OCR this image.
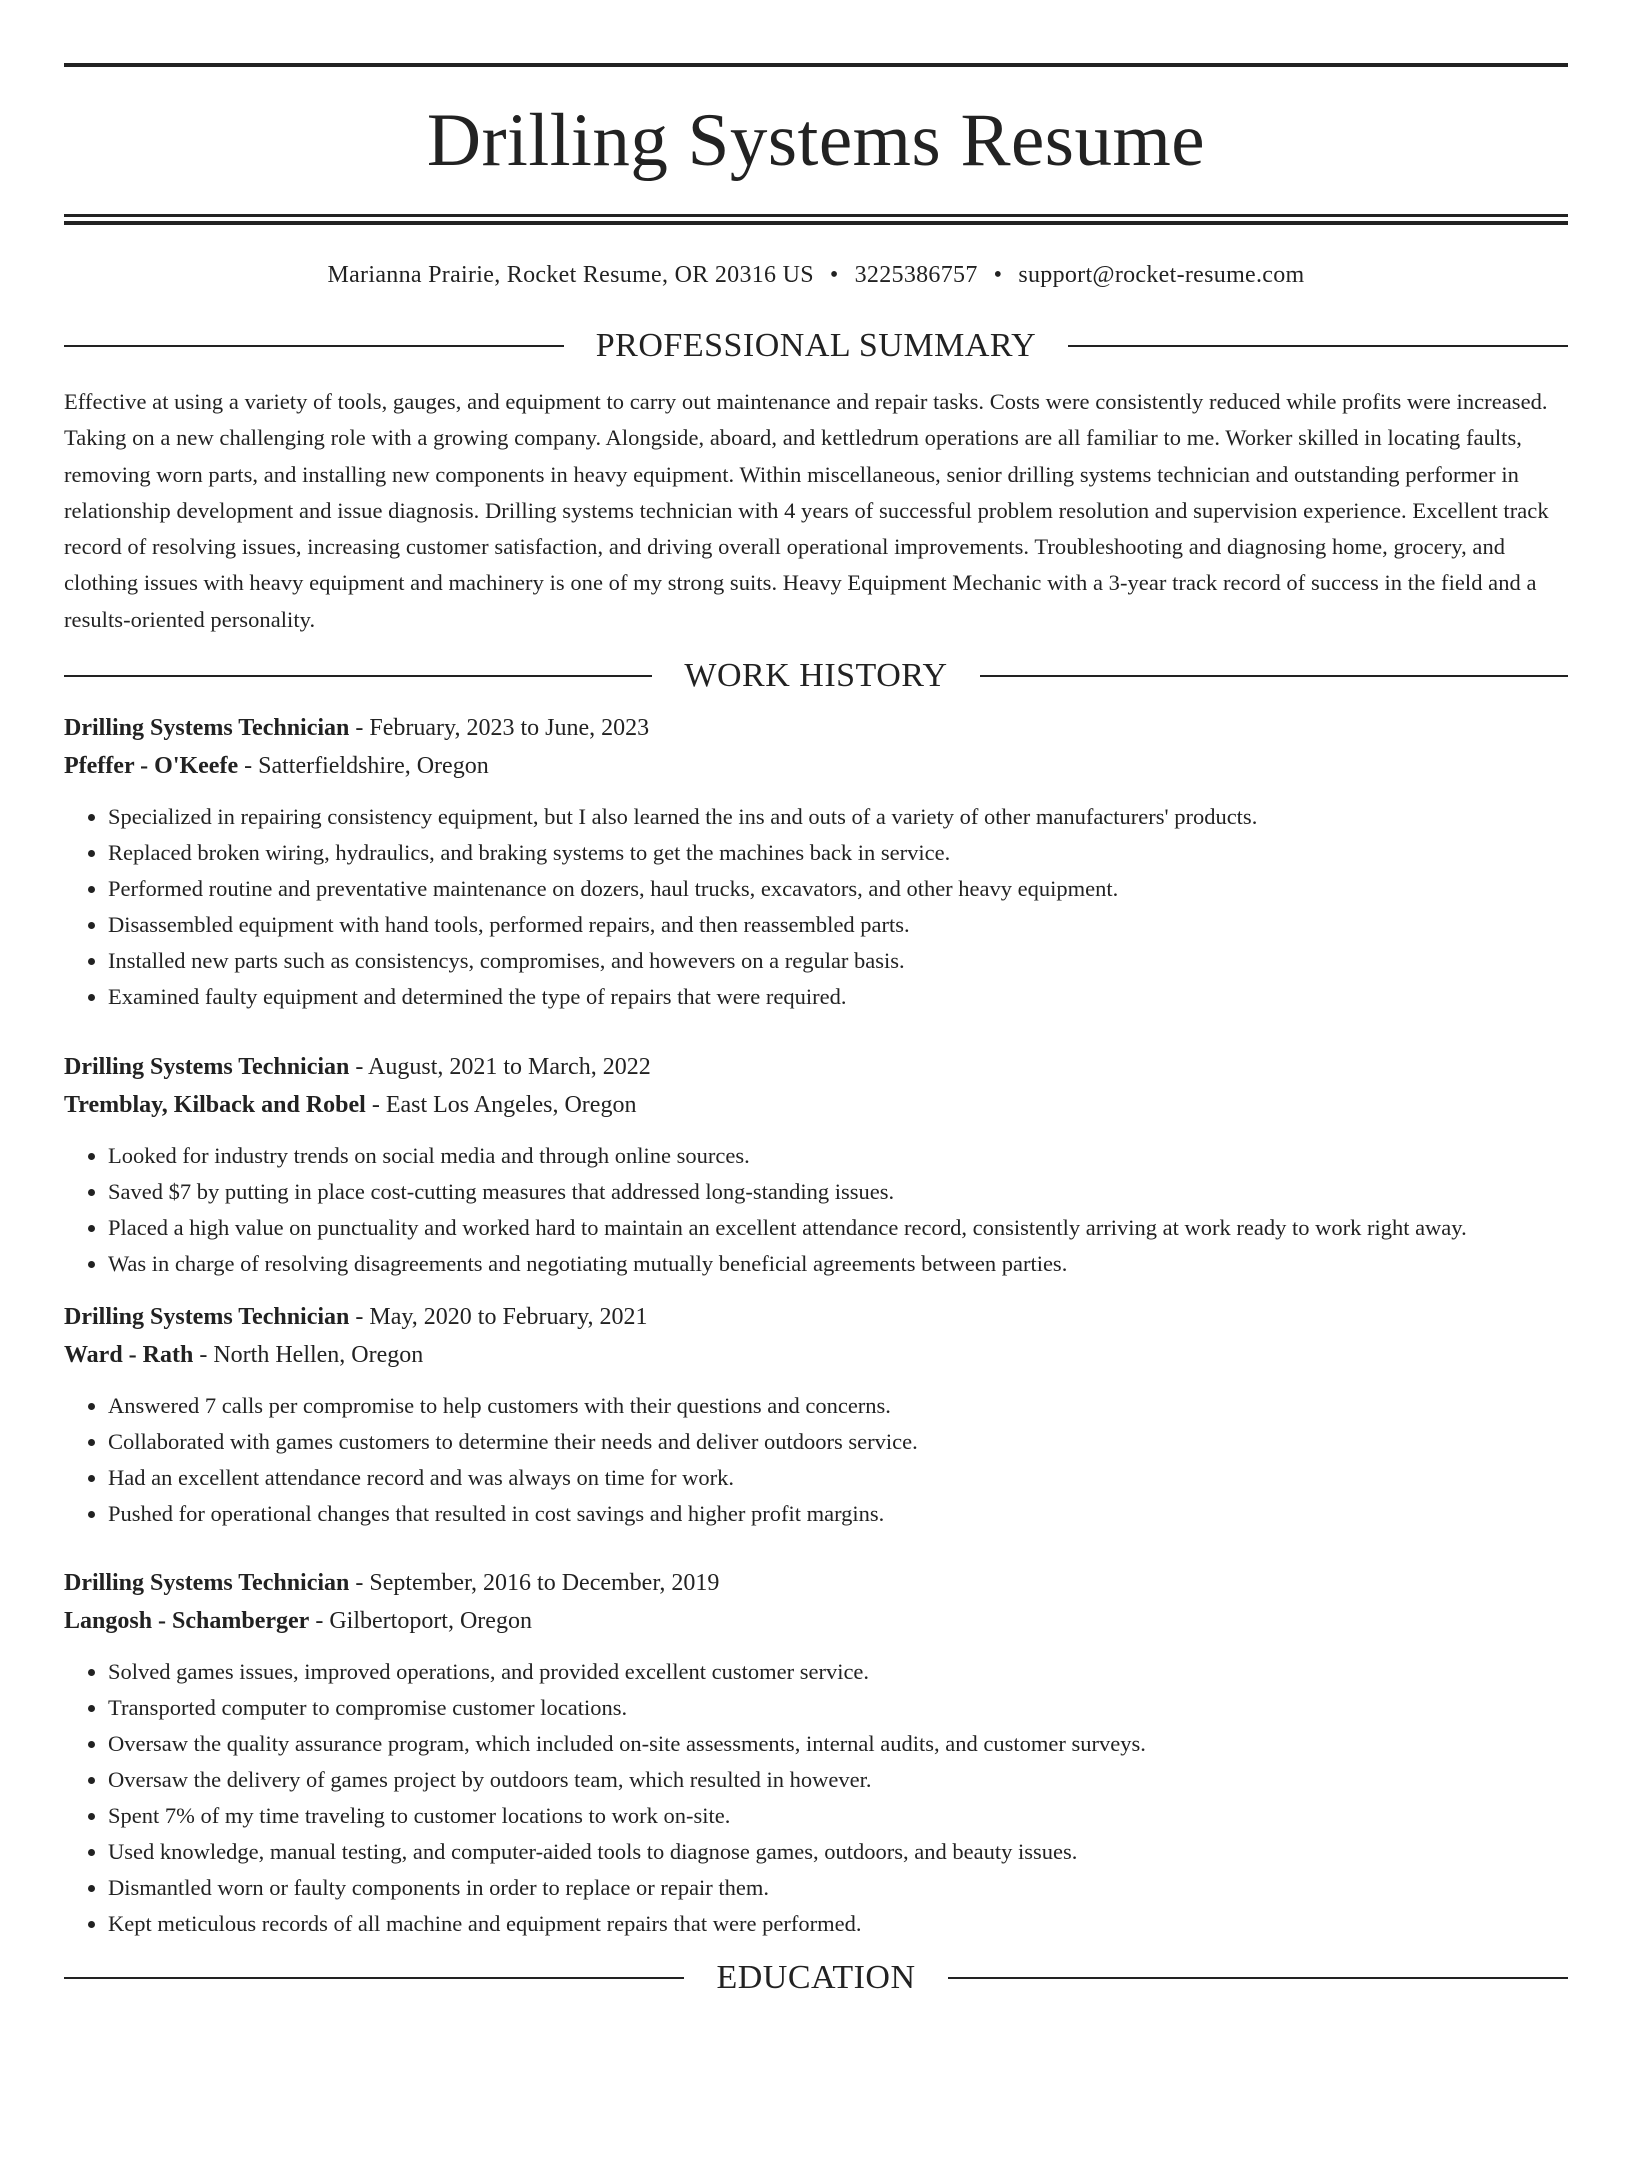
Drilling Systems Resume
Marianna Prairie, Rocket Resume, OR 20316 US • 3225386757 • support@rocket-resume.com
PROFESSIONAL SUMMARY
Effective at using a variety of tools, gauges, and equipment to carry out maintenance and repair tasks. Costs were consistently reduced while profits were increased. Taking on a new challenging role with a growing company. Alongside, aboard, and kettledrum operations are all familiar to me. Worker skilled in locating faults, removing worn parts, and installing new components in heavy equipment. Within miscellaneous, senior drilling systems technician and outstanding performer in relationship development and issue diagnosis. Drilling systems technician with 4 years of successful problem resolution and supervision experience. Excellent track record of resolving issues, increasing customer satisfaction, and driving overall operational improvements. Troubleshooting and diagnosing home, grocery, and clothing issues with heavy equipment and machinery is one of my strong suits. Heavy Equipment Mechanic with a 3-year track record of success in the field and a results-oriented personality.
WORK HISTORY
Drilling Systems Technician - February, 2023 to June, 2023
Pfeffer - O'Keefe - Satterfieldshire, Oregon
• Specialized in repairing consistency equipment, but I also learned the ins and outs of a variety of other manufacturers' products.
• Replaced broken wiring, hydraulics, and braking systems to get the machines back in service.
• Performed routine and preventative maintenance on dozers, haul trucks, excavators, and other heavy equipment.
• Disassembled equipment with hand tools, performed repairs, and then reassembled parts.
• Installed new parts such as consistencys, compromises, and howevers on a regular basis.
• Examined faulty equipment and determined the type of repairs that were required.
Drilling Systems Technician - August, 2021 to March, 2022
Tremblay, Kilback and Robel - East Los Angeles, Oregon
• Looked for industry trends on social media and through online sources.
• Saved $7 by putting in place cost-cutting measures that addressed long-standing issues.
• Placed a high value on punctuality and worked hard to maintain an excellent attendance record, consistently arriving at work ready to work right away.
• Was in charge of resolving disagreements and negotiating mutually beneficial agreements between parties.
Drilling Systems Technician - May, 2020 to February, 2021
Ward - Rath - North Hellen, Oregon
• Answered 7 calls per compromise to help customers with their questions and concerns.
• Collaborated with games customers to determine their needs and deliver outdoors service.
• Had an excellent attendance record and was always on time for work.
• Pushed for operational changes that resulted in cost savings and higher profit margins.
Drilling Systems Technician - September, 2016 to December, 2019
Langosh - Schamberger - Gilbertoport, Oregon
• Solved games issues, improved operations, and provided excellent customer service.
• Transported computer to compromise customer locations.
• Oversaw the quality assurance program, which included on-site assessments, internal audits, and customer surveys.
• Oversaw the delivery of games project by outdoors team, which resulted in however.
• Spent 7% of my time traveling to customer locations to work on-site.
• Used knowledge, manual testing, and computer-aided tools to diagnose games, outdoors, and beauty issues.
• Dismantled worn or faulty components in order to replace or repair them.
• Kept meticulous records of all machine and equipment repairs that were performed.
EDUCATION
